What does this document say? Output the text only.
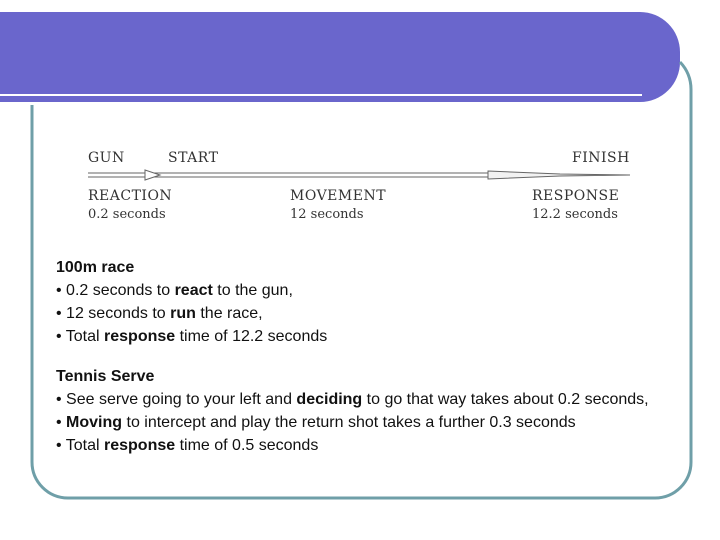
GUN	START	FINISH
REACTION
0.2 seconds
MOVEMENT
12 seconds
RESPONSE
12.2 seconds
100m race
• 0.2 seconds to react to the gun,
• 12 seconds to run the race,
• Total response time of 12.2 seconds
Tennis Serve
• See serve going to your left and deciding to go that way takes about 0.2 seconds,
• Moving to intercept and play the return shot takes a further 0.3 seconds
• Total response time of 0.5 seconds
